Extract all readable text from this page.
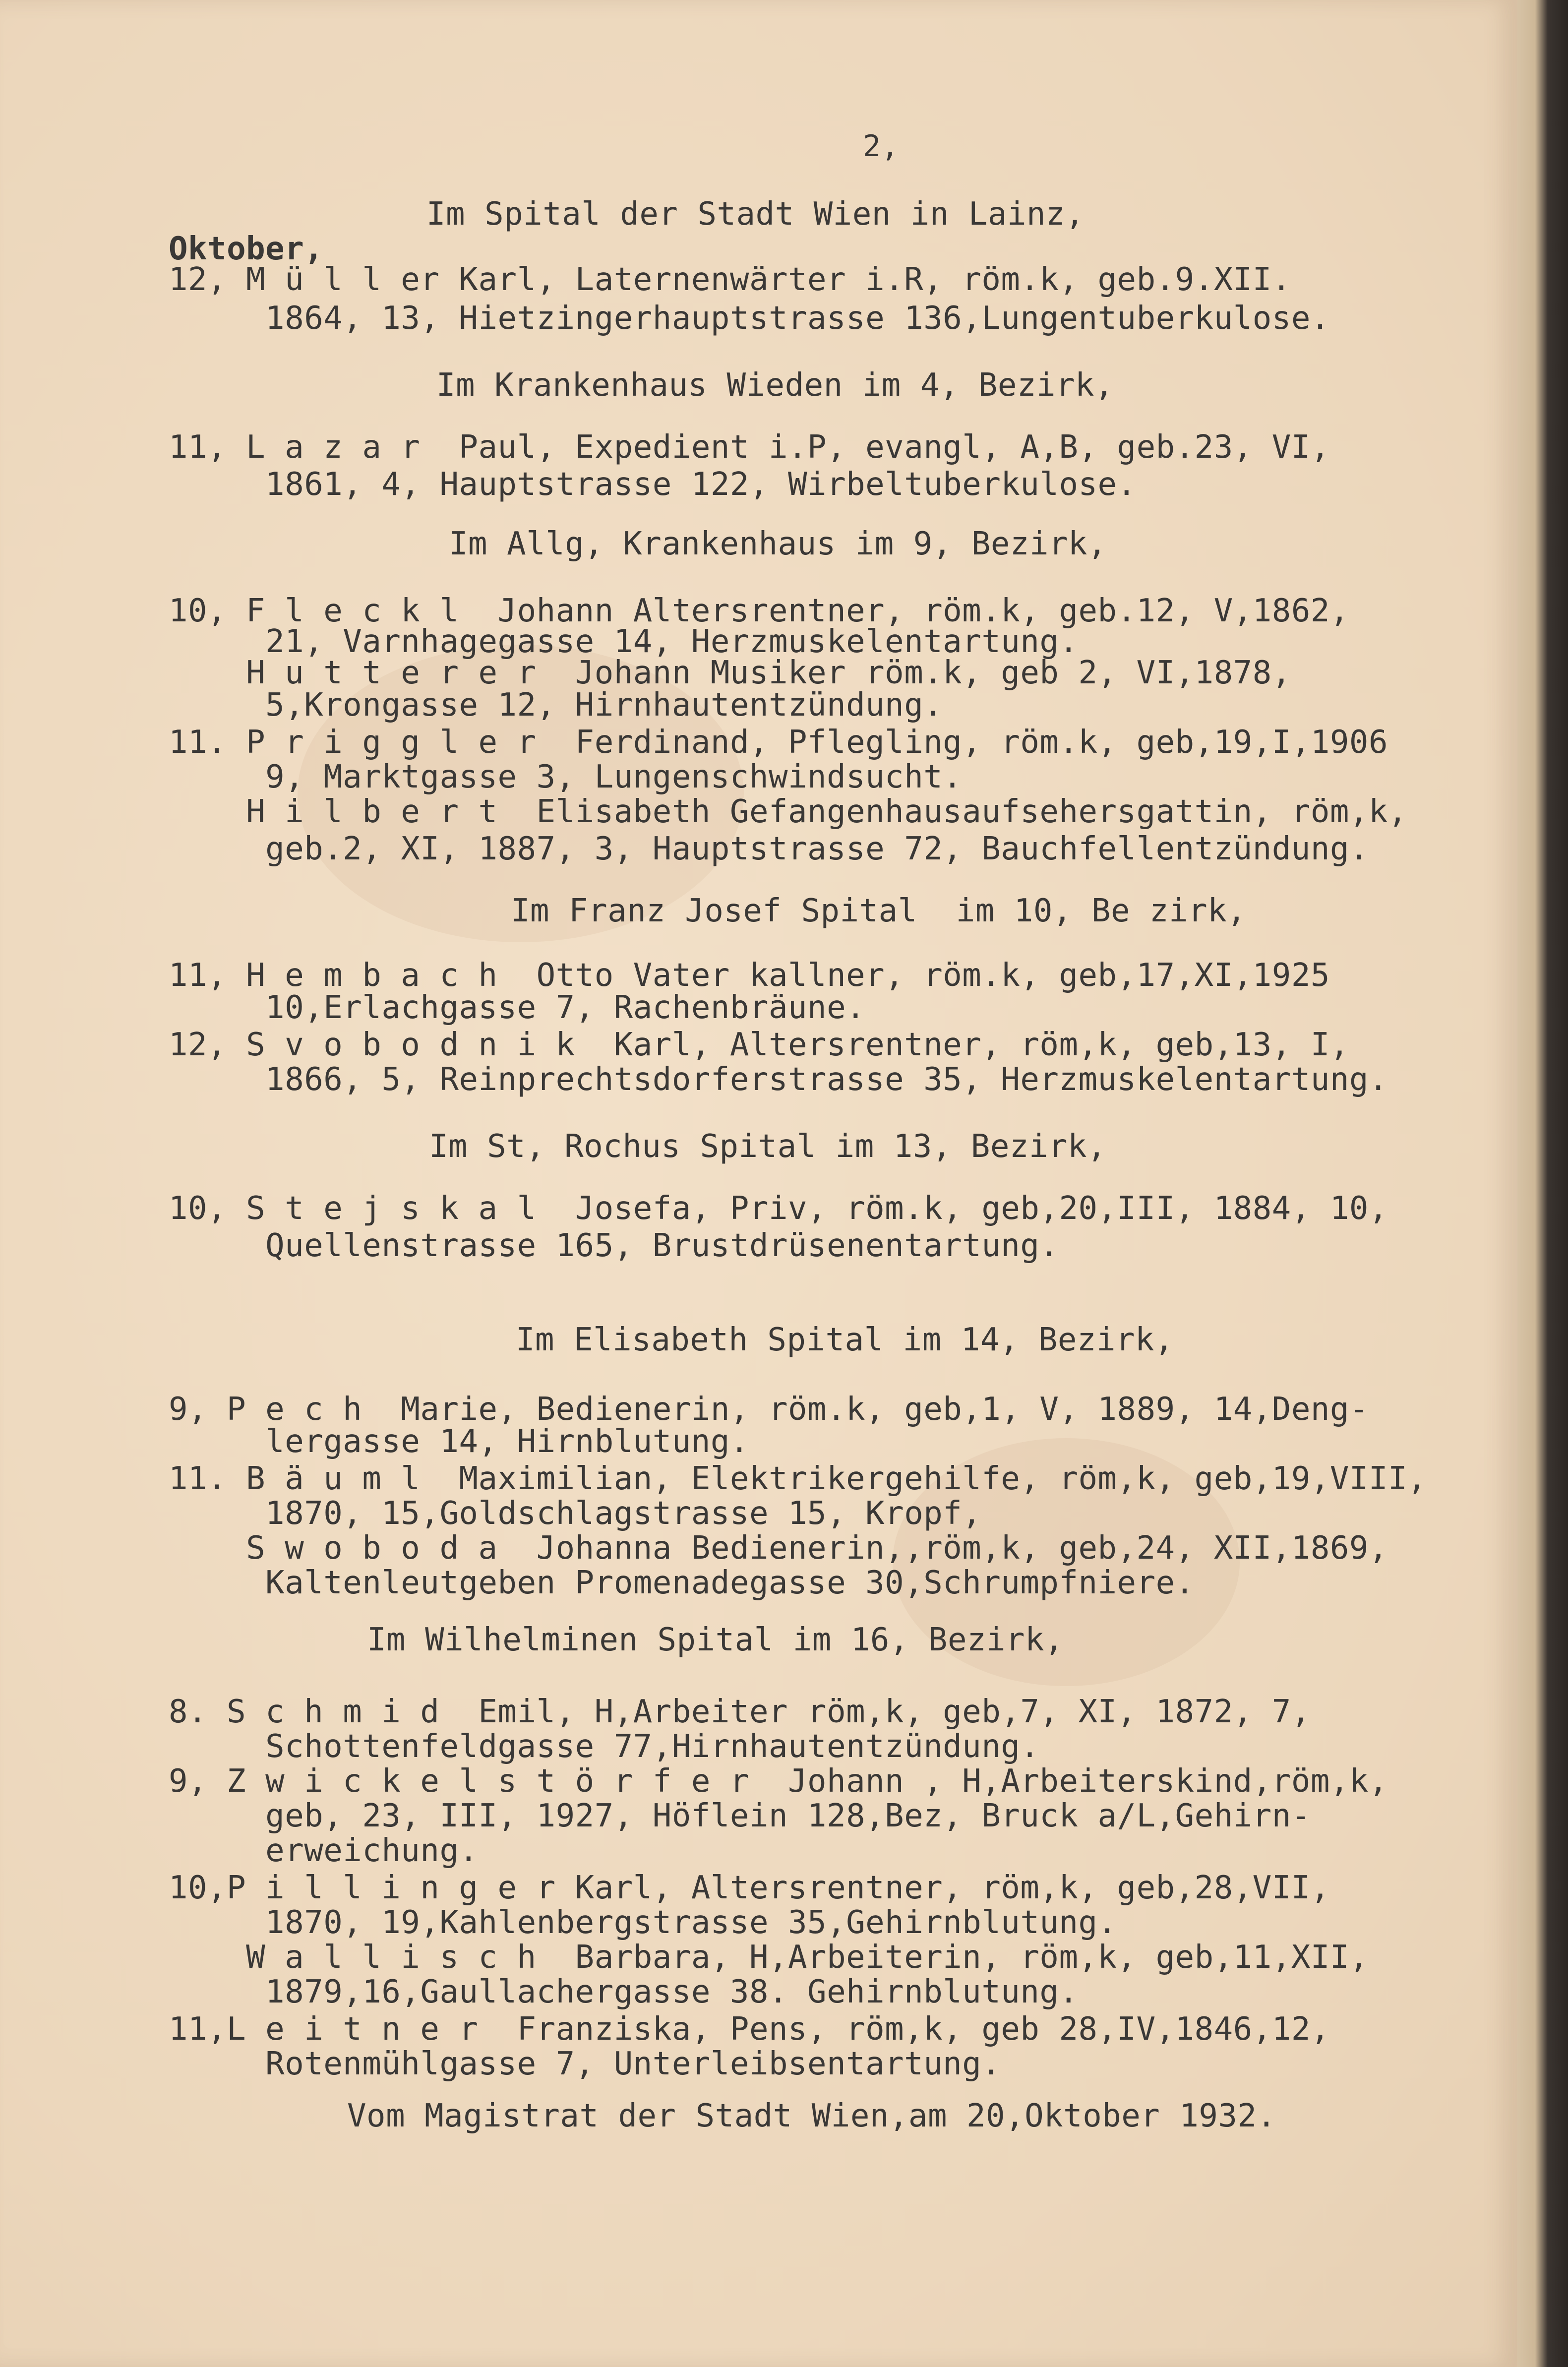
2,
Im Spital der Stadt Wien in Lainz,
Oktober,
12, M ü l l er Karl, Laternenwärter i.R, röm.k, geb.9.XII.
1864, 13, Hietzingerhauptstrasse 136,Lungentuberkulose.
Im Krankenhaus Wieden im 4, Bezirk,
11, L a z a r  Paul, Expedient i.P, evangl, A,B, geb.23, VI,
1861, 4, Hauptstrasse 122, Wirbeltuberkulose.
Im Allg, Krankenhaus im 9, Bezirk,
10, F l e c k l  Johann Altersrentner, röm.k, geb.12, V,1862,
21, Varnhagegasse 14, Herzmuskelentartung.
H u t t e r e r  Johann Musiker röm.k, geb 2, VI,1878,
5,Krongasse 12, Hirnhautentzündung.
11. P r i g g l e r  Ferdinand, Pflegling, röm.k, geb,19,I,1906
9, Marktgasse 3, Lungenschwindsucht.
H i l b e r t  Elisabeth Gefangenhausaufsehersgattin, röm,k,
geb.2, XI, 1887, 3, Hauptstrasse 72, Bauchfellentzündung.
Im Franz Josef Spital  im 10, Be zirk,
11, H e m b a c h  Otto Vater kallner, röm.k, geb,17,XI,1925
10,Erlachgasse 7, Rachenbräune.
12, S v o b o d n i k  Karl, Altersrentner, röm,k, geb,13, I,
1866, 5, Reinprechtsdorferstrasse 35, Herzmuskelentartung.
Im St, Rochus Spital im 13, Bezirk,
10, S t e j s k a l  Josefa, Priv, röm.k, geb,20,III, 1884, 10,
Quellenstrasse 165, Brustdrüsenentartung.
Im Elisabeth Spital im 14, Bezirk,
9, P e c h  Marie, Bedienerin, röm.k, geb,1, V, 1889, 14,Deng-
lergasse 14, Hirnblutung.
11. B ä u m l  Maximilian, Elektrikergehilfe, röm,k, geb,19,VIII,
1870, 15,Goldschlagstrasse 15, Kropf,
S w o b o d a  Johanna Bedienerin,,röm,k, geb,24, XII,1869,
Kaltenleutgeben Promenadegasse 30,Schrumpfniere.
Im Wilhelminen Spital im 16, Bezirk,
8. S c h m i d  Emil, H,Arbeiter röm,k, geb,7, XI, 1872, 7,
Schottenfeldgasse 77,Hirnhautentzündung.
9, Z w i c k e l s t ö r f e r  Johann , H,Arbeiterskind,röm,k,
geb, 23, III, 1927, Höflein 128,Bez, Bruck a/L,Gehirn-
erweichung.
10,P i l l i n g e r Karl, Altersrentner, röm,k, geb,28,VII,
1870, 19,Kahlenbergstrasse 35,Gehirnblutung.
W a l l i s c h  Barbara, H,Arbeiterin, röm,k, geb,11,XII,
1879,16,Gaullachergasse 38. Gehirnblutung.
11,L e i t n e r  Franziska, Pens, röm,k, geb 28,IV,1846,12,
Rotenmühlgasse 7, Unterleibsentartung.
Vom Magistrat der Stadt Wien,am 20,Oktober 1932.
